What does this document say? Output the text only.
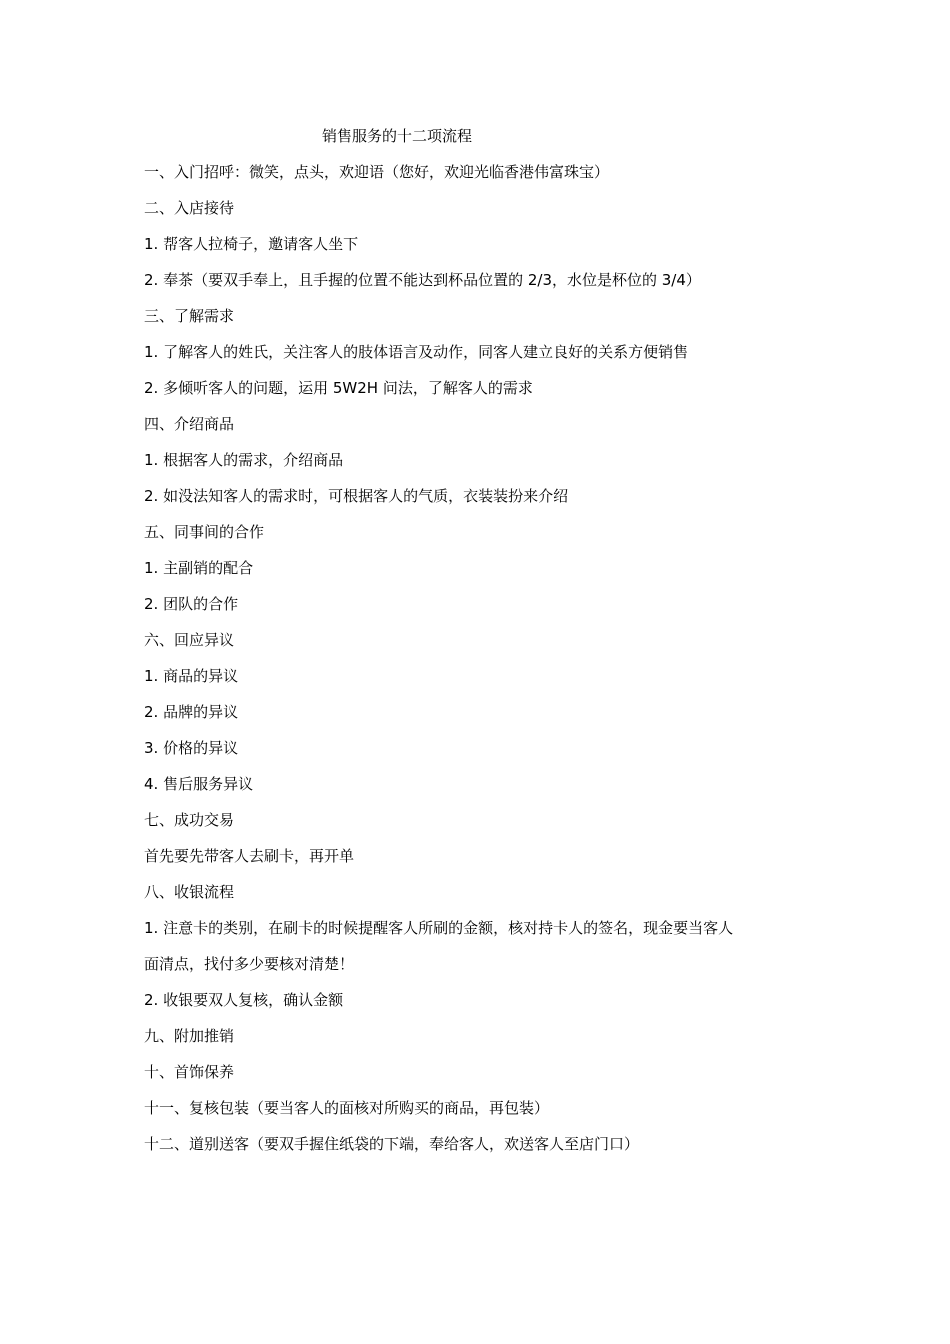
销售服务的十二项流程
一、入门招呼：微笑，点头，欢迎语（您好，欢迎光临香港伟富珠宝）
二、入店接待
1. 帮客人拉椅子，邀请客人坐下
2. 奉茶（要双手奉上，且手握的位置不能达到杯品位置的 2/3，水位是杯位的 3/4）
三、了解需求
1. 了解客人的姓氏，关注客人的肢体语言及动作，同客人建立良好的关系方便销售
2. 多倾听客人的问题，运用 5W2H 问法，了解客人的需求
四、介绍商品
1. 根据客人的需求，介绍商品
2. 如没法知客人的需求时，可根据客人的气质，衣装装扮来介绍
五、同事间的合作
1. 主副销的配合
2. 团队的合作
六、回应异议
1. 商品的异议
2. 品牌的异议
3. 价格的异议
4. 售后服务异议
七、成功交易
首先要先带客人去刷卡，再开单
八、收银流程
1. 注意卡的类别，在刷卡的时候提醒客人所刷的金额，核对持卡人的签名，现金要当客人
面清点，找付多少要核对清楚！
2. 收银要双人复核，确认金额
九、附加推销
十、首饰保养
十一、复核包装（要当客人的面核对所购买的商品，再包装）
十二、道别送客（要双手握住纸袋的下端，奉给客人，欢送客人至店门口）
